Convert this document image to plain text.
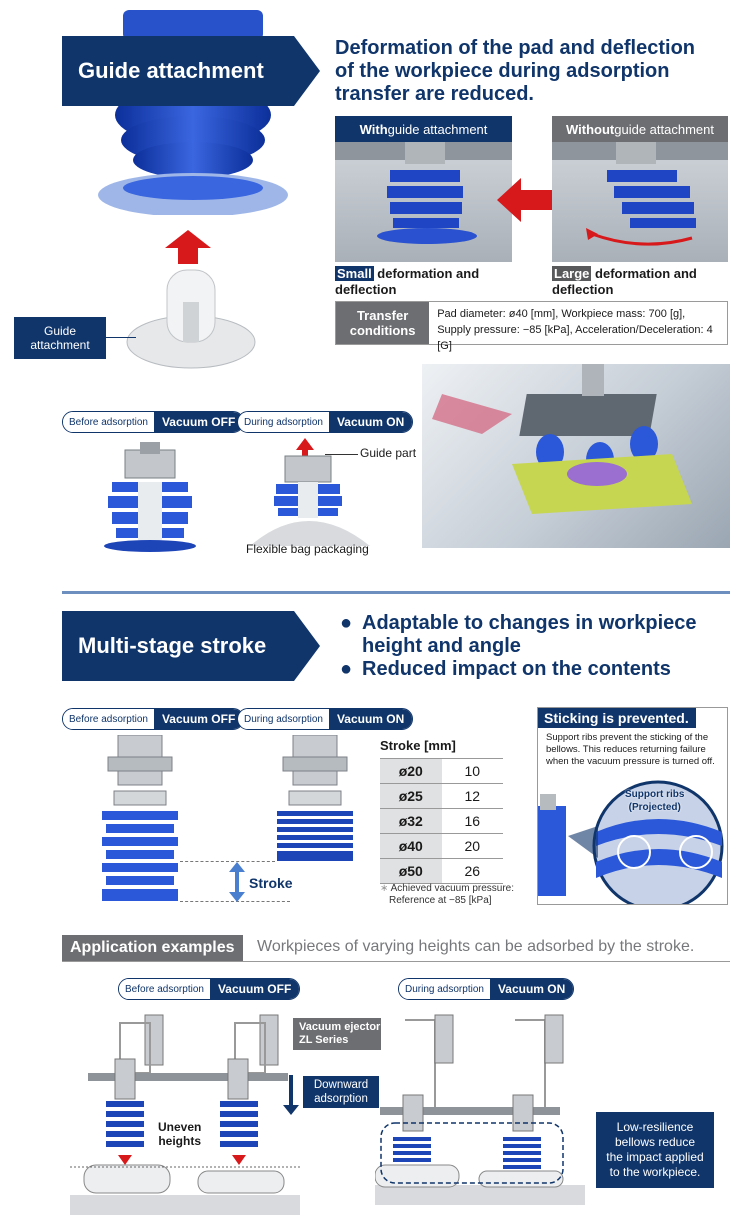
Guide attachment
Guide
attachment
Deformation of the pad and deflection
of the workpiece during adsorption
transfer are reduced.
With guide attachment	Without guide attachment
Small deformation and
deflection
Large deformation and
deflection
Transfer
conditions
Pad diameter: ø40 [mm], Workpiece mass: 700 [g],
Supply pressure: −85 [kPa], Acceleration/Deceleration: 4 [G]
Before adsorption	Vacuum OFF During adsorption	Vacuum ON
Guide part
Flexible bag packaging
Multi-stage stroke
● Adaptable to changes in workpiece
height and angle
● Reduced impact on the contents
Before adsorption	Vacuum OFF During adsorption	Vacuum ON
Stroke
Stroke [mm]
ø20	10
ø25	12
ø32	16
ø40	20
ø50	26
∗ Achieved vacuum pressure:
Reference at −85 [kPa]
Sticking is prevented.
Support ribs prevent the sticking of the
bellows. This reduces returning failure
when the vacuum pressure is turned off.
Support ribs
(Projected)
Application examples	Workpieces of varying heights can be adsorbed by the stroke.
Before adsorption	Vacuum OFF	During adsorption	Vacuum ON
Uneven
heights
Vacuum ejector
ZL Series
Downward
adsorption
Low-resilience
bellows reduce
the impact applied
to the workpiece.
